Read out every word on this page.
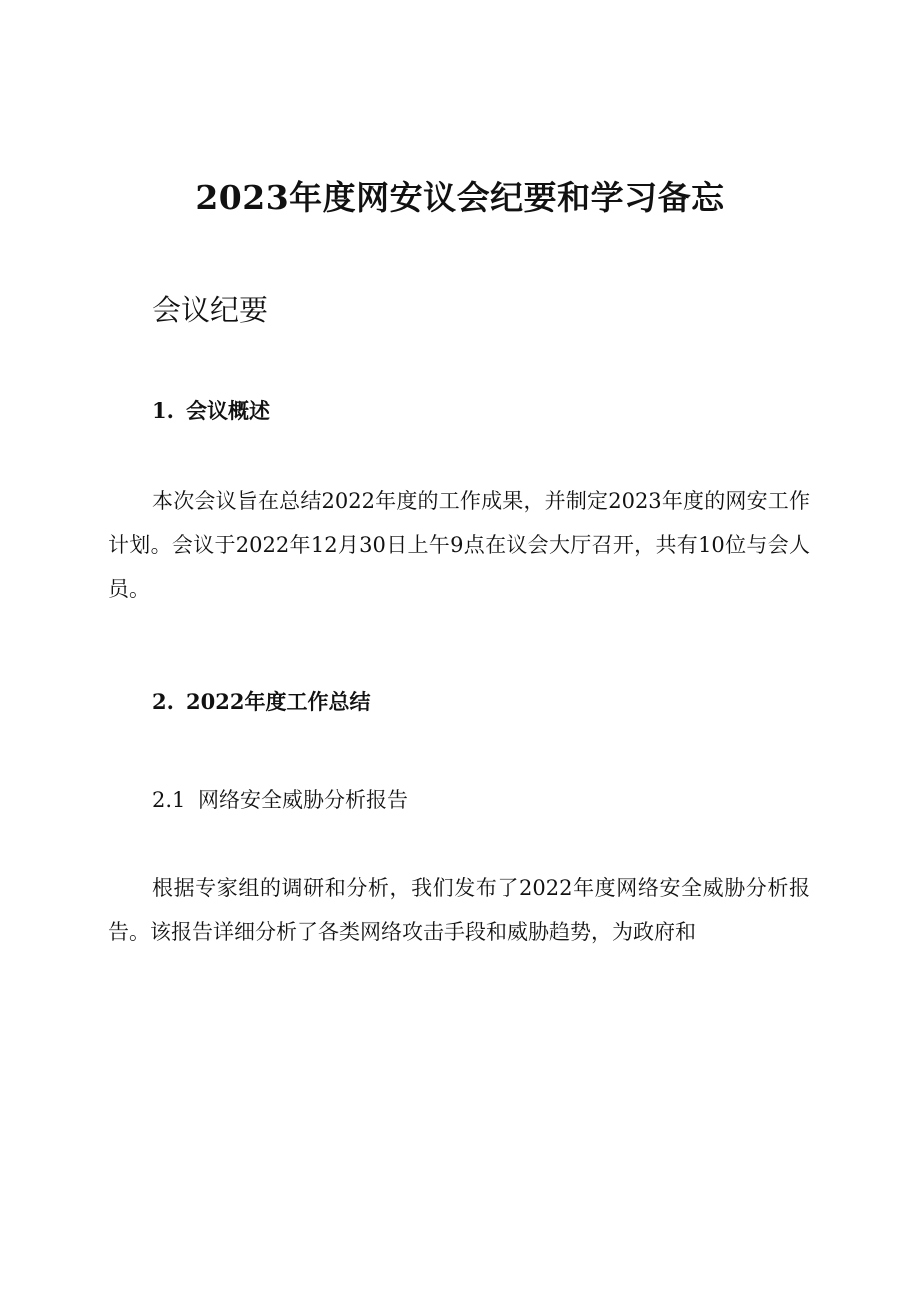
2023年度网安议会纪要和学习备忘
会议纪要
1. 会议概述

本次会议旨在总结2022年度的工作成果，并制定2023年度的网安工作计划。会议于2022年12月30日上午9点在议会大厅召开，共有10位与会人员。

2. 2022年度工作总结
2.1 网络安全威胁分析报告

根据专家组的调研和分析，我们发布了2022年度网络安全威胁分析报告。该报告详细分析了各类网络攻击手段和威胁趋势，为政府和
